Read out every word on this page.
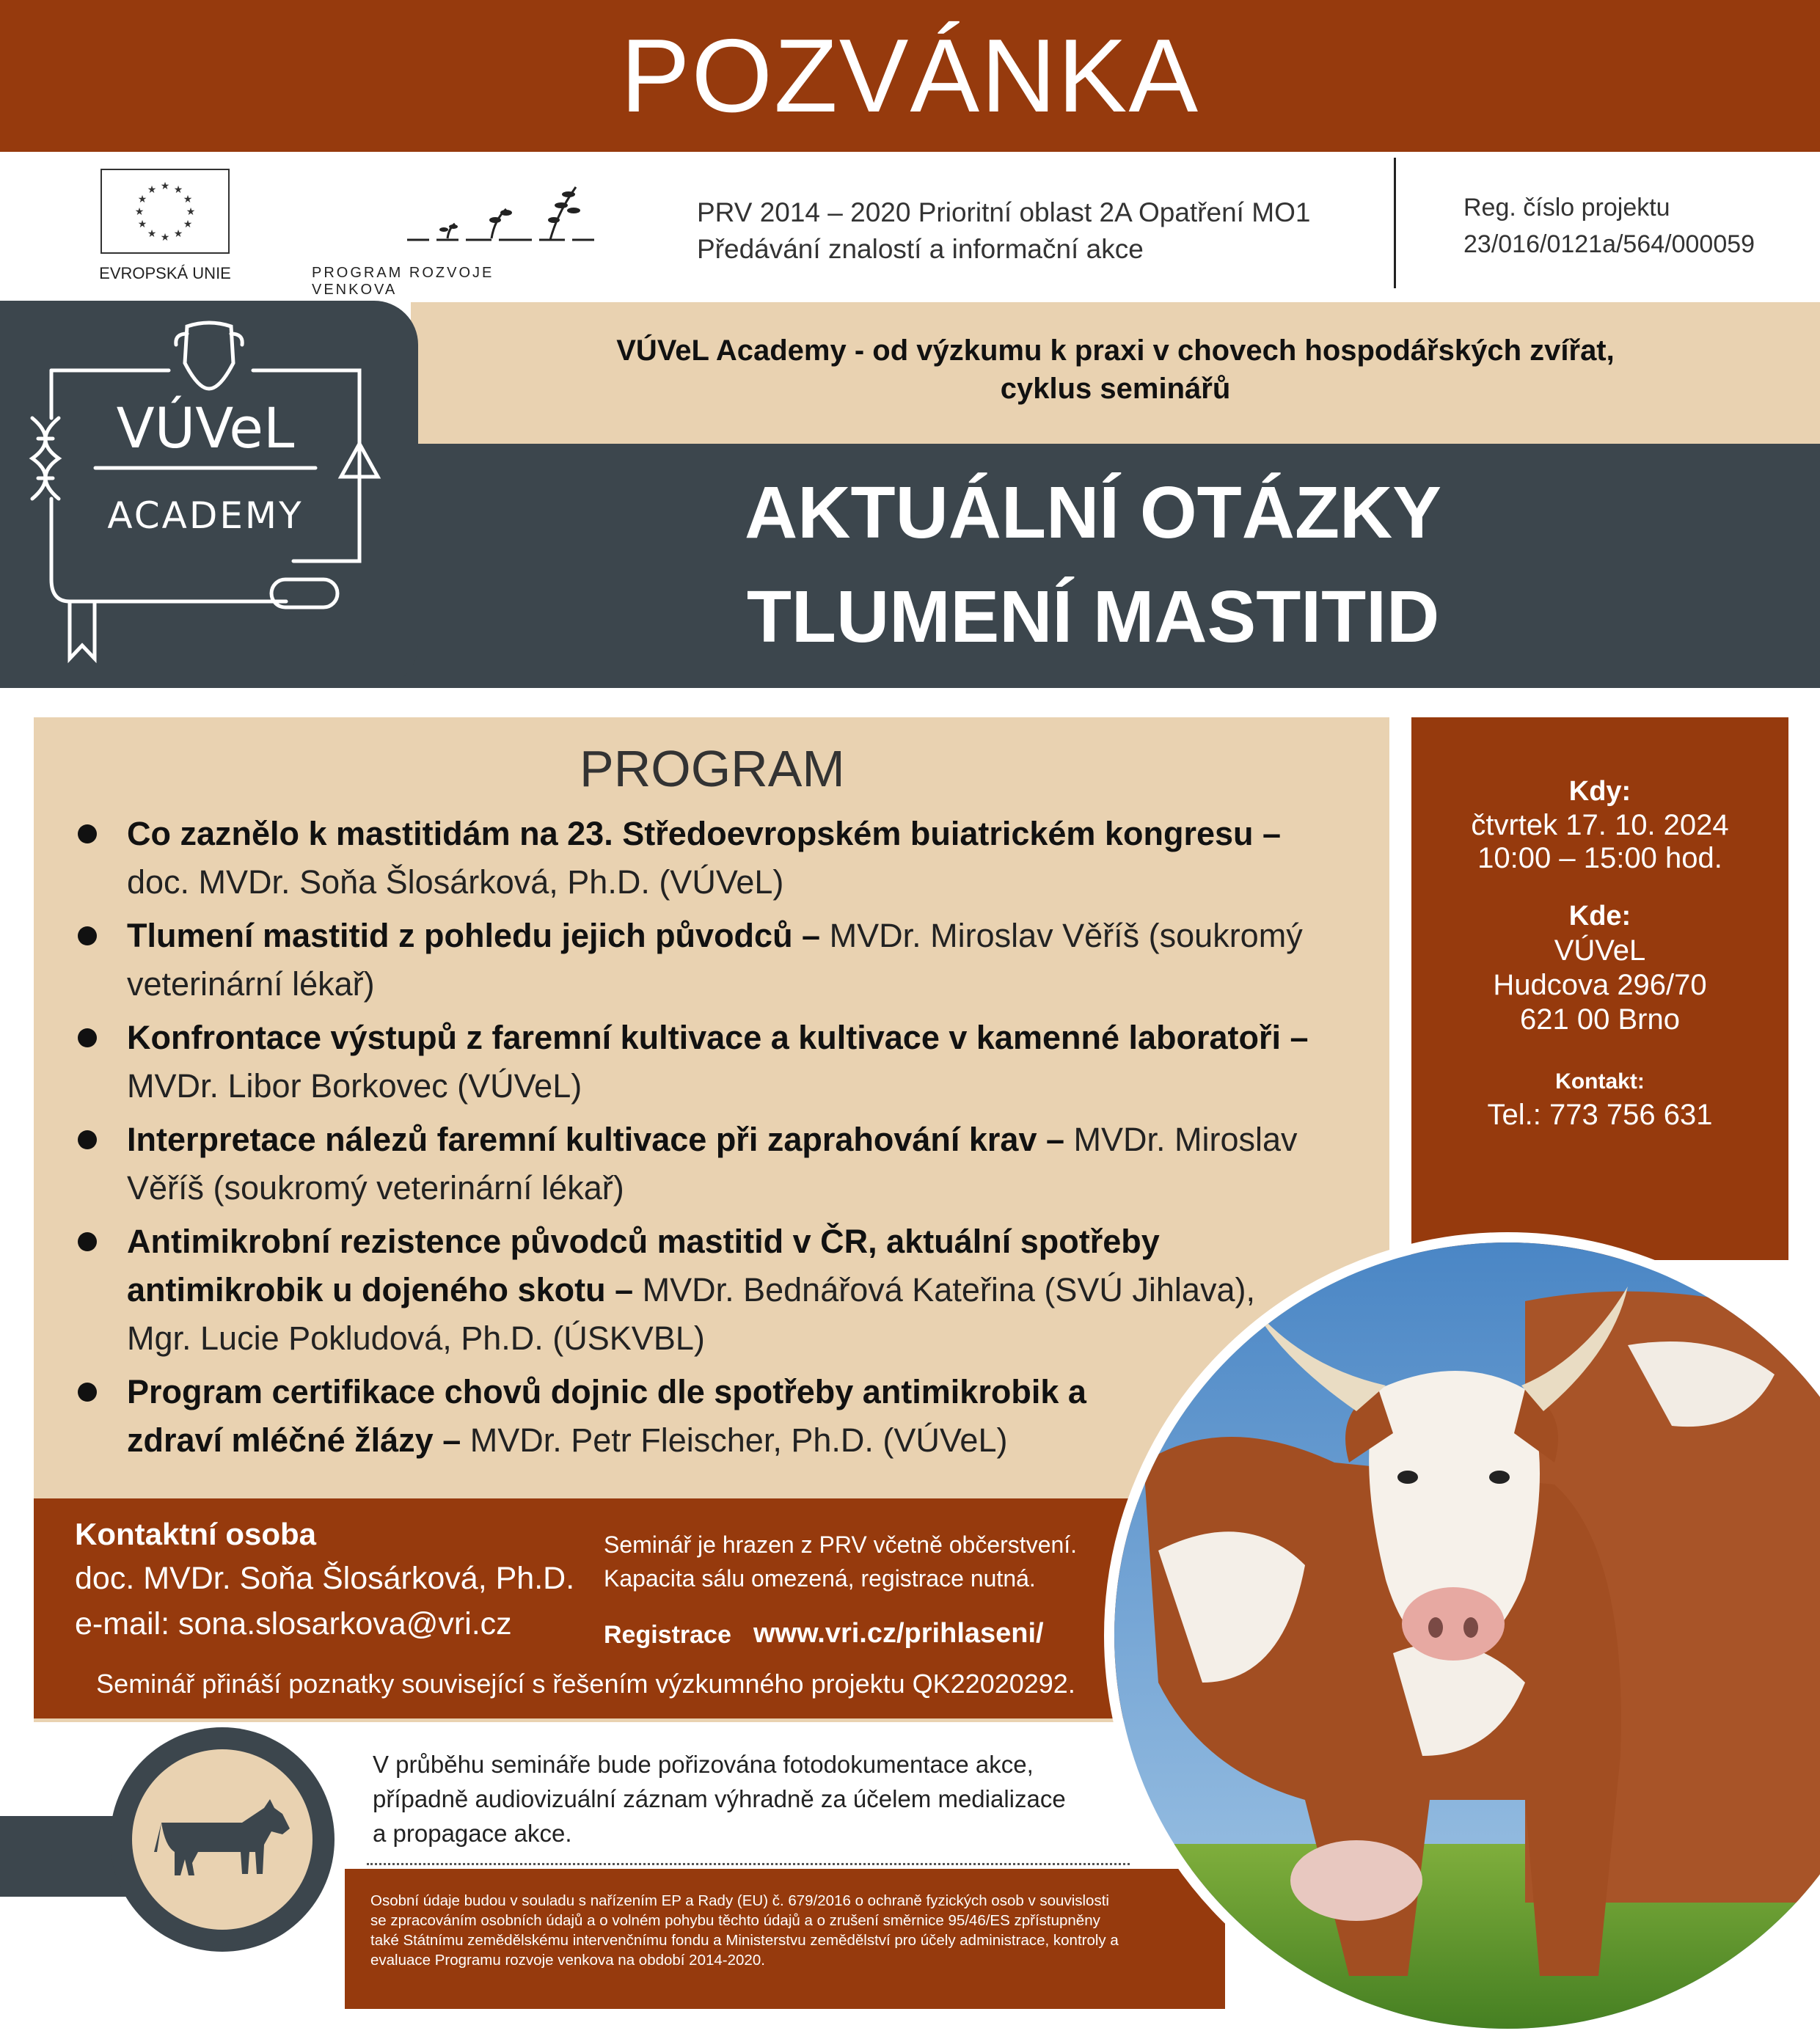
POZVÁNKA
★ ★
★
★
★
★
★
★
★
★
★
★
EVROPSKÁ UNIE	PROGRAM ROZVOJE VENKOVA
PRV 2014 – 2020 Prioritní oblast 2A Opatření MO1
Předávání znalostí a informační akce
Reg. číslo projektu
23/016/0121a/564/000059
VÚVeL Academy - od výzkumu k praxi v chovech hospodářských zvířat,
cyklus seminářů
VÚVeL
ACADEMY	AKTUÁLNÍ OTÁZKY
TLUMENÍ MASTITID
PROGRAM
Co zaznělo k mastitidám na 23. Středoevropském buiatrickém kongresu – doc. MVDr. Soňa Šlosárková, Ph.D. (VÚVeL)
Tlumení mastitid z pohledu jejich původců – MVDr. Miroslav Věříš (soukromý veterinární lékař)
Konfrontace výstupů z faremní kultivace a kultivace v kamenné laboratoři – MVDr. Libor Borkovec (VÚVeL)
Interpretace nálezů faremní kultivace při zaprahování krav – MVDr. Miroslav Věříš (soukromý veterinární lékař)
Antimikrobní rezistence původců mastitid v ČR, aktuální spotřeby antimikrobik u dojeného skotu – MVDr. Bednářová Kateřina (SVÚ Jihlava), Mgr. Lucie Pokludová, Ph.D. (ÚSKVBL)
Program certifikace chovů dojnic dle spotřeby antimikrobik a zdraví mléčné žlázy – MVDr. Petr Fleischer, Ph.D. (VÚVeL)
Kdy:
čtvrtek 17. 10. 2024
10:00 – 15:00 hod.
Kde:
VÚVeL
Hudcova 296/70
621 00 Brno
Kontakt:
Tel.: 773 756 631
Kontaktní osoba
doc. MVDr. Soňa Šlosárková, Ph.D.
e-mail: sona.slosarkova@vri.cz
Seminář je hrazen z PRV včetně občerstvení.
Kapacita sálu omezená, registrace nutná.
Registrace www.vri.cz/prihlaseni/
Seminář přináší poznatky související s řešením výzkumného projektu QK22020292.
V průběhu semináře bude pořizována fotodokumentace akce,
případně audiovizuální záznam výhradně za účelem medializace
a propagace akce.
Osobní údaje budou v souladu s nařízením EP a Rady (EU) č. 679/2016 o ochraně fyzických osob v souvislosti se zpracováním osobních údajů a o volném pohybu těchto údajů a o zrušení směrnice 95/46/ES zpřístupněny také Státnímu zemědělskému intervenčnímu fondu a Ministerstvu zemědělství pro účely administrace, kontroly a evaluace Programu rozvoje venkova na období 2014-2020.
